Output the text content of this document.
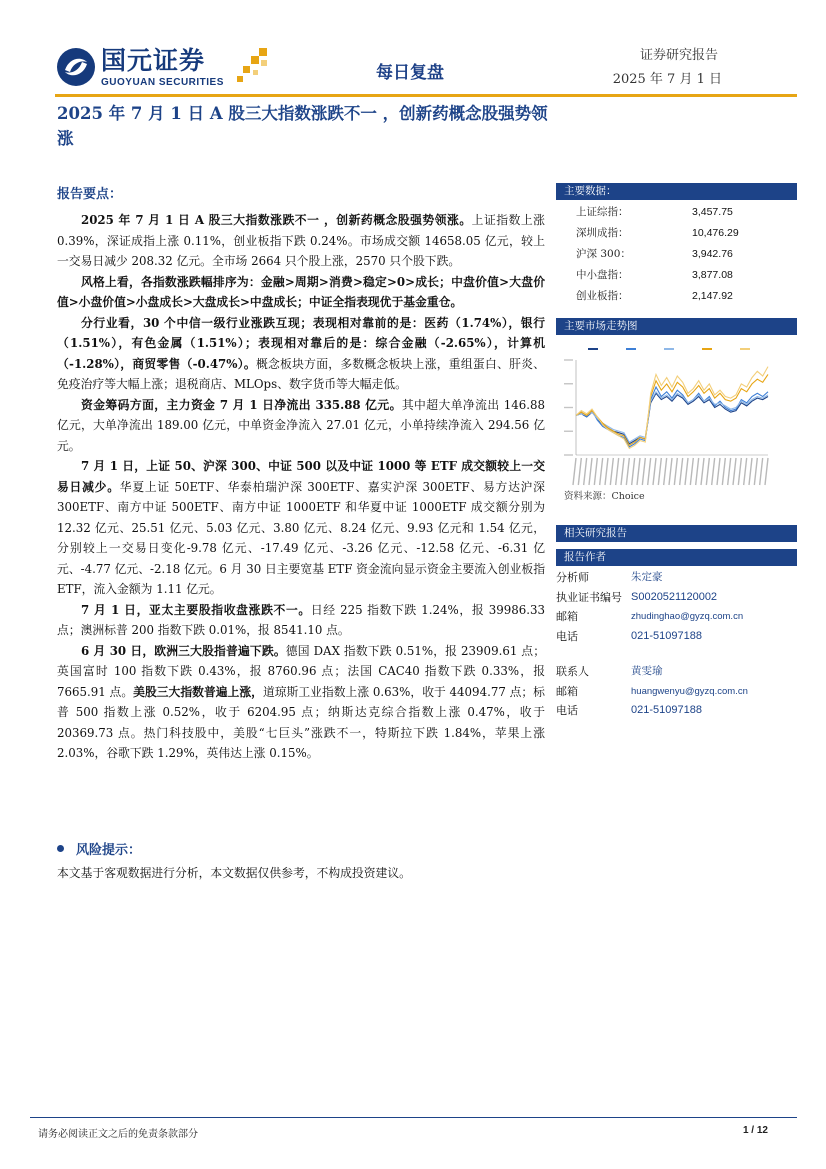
国元证券
GUOYUAN SECURITIES	每日复盘
证券研究报告
2025 年 7 月 1 日
2025 年 7 月 1 日 A 股三大指数涨跌不一 ，创新药概念股强势领涨
报告要点：

2025 年 7 月 1 日 A 股三大指数涨跌不一 ，创新药概念股强势领涨。上证指数上涨 0.39%，深证成指上涨 0.11%，创业板指下跌 0.24%。市场成交额 14658.05 亿元，较上一交易日减少 208.32 亿元。全市场 2664 只个股上涨，2570 只个股下跌。

风格上看，各指数涨跌幅排序为：金融>周期>消费>稳定>0>成长；中盘价值>大盘价值>小盘价值>小盘成长>大盘成长>中盘成长；中证全指表现优于基金重仓。

分行业看，30 个中信一级行业涨跌互现；表现相对靠前的是：医药（1.74%），银行（1.51%），有色金属（1.51%）；表现相对靠后的是：综合金融（-2.65%），计算机（-1.28%），商贸零售（-0.47%）。概念板块方面，多数概念板块上涨，重组蛋白、肝炎、免疫治疗等大幅上涨；退税商店、MLOps、数字货币等大幅走低。

资金筹码方面，主力资金 7 月 1 日净流出 335.88 亿元。其中超大单净流出 146.88 亿元，大单净流出 189.00 亿元，中单资金净流入 27.01 亿元，小单持续净流入 294.56 亿元。

7 月 1 日，上证 50、沪深 300、中证 500 以及中证 1000 等 ETF 成交额较上一交易日减少。华夏上证 50ETF、华泰柏瑞沪深 300ETF、嘉实沪深 300ETF、易方达沪深 300ETF、南方中证 500ETF、南方中证 1000ETF 和华夏中证 1000ETF 成交额分别为 12.32 亿元、25.51 亿元、5.03 亿元、3.80 亿元、8.24 亿元、9.93 亿元和 1.54 亿元，分别较上一交易日变化-9.78 亿元、-17.49 亿元、-3.26 亿元、-12.58 亿元、-6.31 亿元、-4.77 亿元、-2.18 亿元。6 月 30 日主要宽基 ETF 资金流向显示资金主要流入创业板指 ETF，流入金额为 1.11 亿元。

7 月 1 日，亚太主要股指收盘涨跌不一。日经 225 指数下跌 1.24%，报 39986.33 点；澳洲标普 200 指数下跌 0.01%，报 8541.10 点。

6 月 30 日，欧洲三大股指普遍下跌。德国 DAX 指数下跌 0.51%，报 23909.61 点；英国富时 100 指数下跌 0.43%，报 8760.96 点；法国 CAC40 指数下跌 0.33%，报 7665.91 点。美股三大指数普遍上涨，道琼斯工业指数上涨 0.63%，收于 44094.77 点；标普 500 指数上涨 0.52%，收于 6204.95 点；纳斯达克综合指数上涨 0.47%，收于 20369.73 点。热门科技股中，美股“七巨头”涨跌不一，特斯拉下跌 1.84%，苹果上涨 2.03%，谷歌下跌 1.29%，英伟达上涨 0.15%。

风险提示：
本文基于客观数据进行分析，本文数据仅供参考，不构成投资建议。
主要数据：
上证综指：	3,457.75
深圳成指：	10,476.29
沪深 300：	3,942.76
中小盘指：	3,877.08
创业板指：	2,147.92
主要市场走势图
相关研究报告
资料来源：Choice
报告作者
分析师	朱定豪
执业证书编号 S0020521120002
邮箱	zhudinghao@gyzq.com.cn
电话	021-51097188
联系人	黄雯瑜
邮箱	huangwenyu@gyzq.com.cn
电话	021-51097188
请务必阅读正文之后的免责条款部分	1 / 12
